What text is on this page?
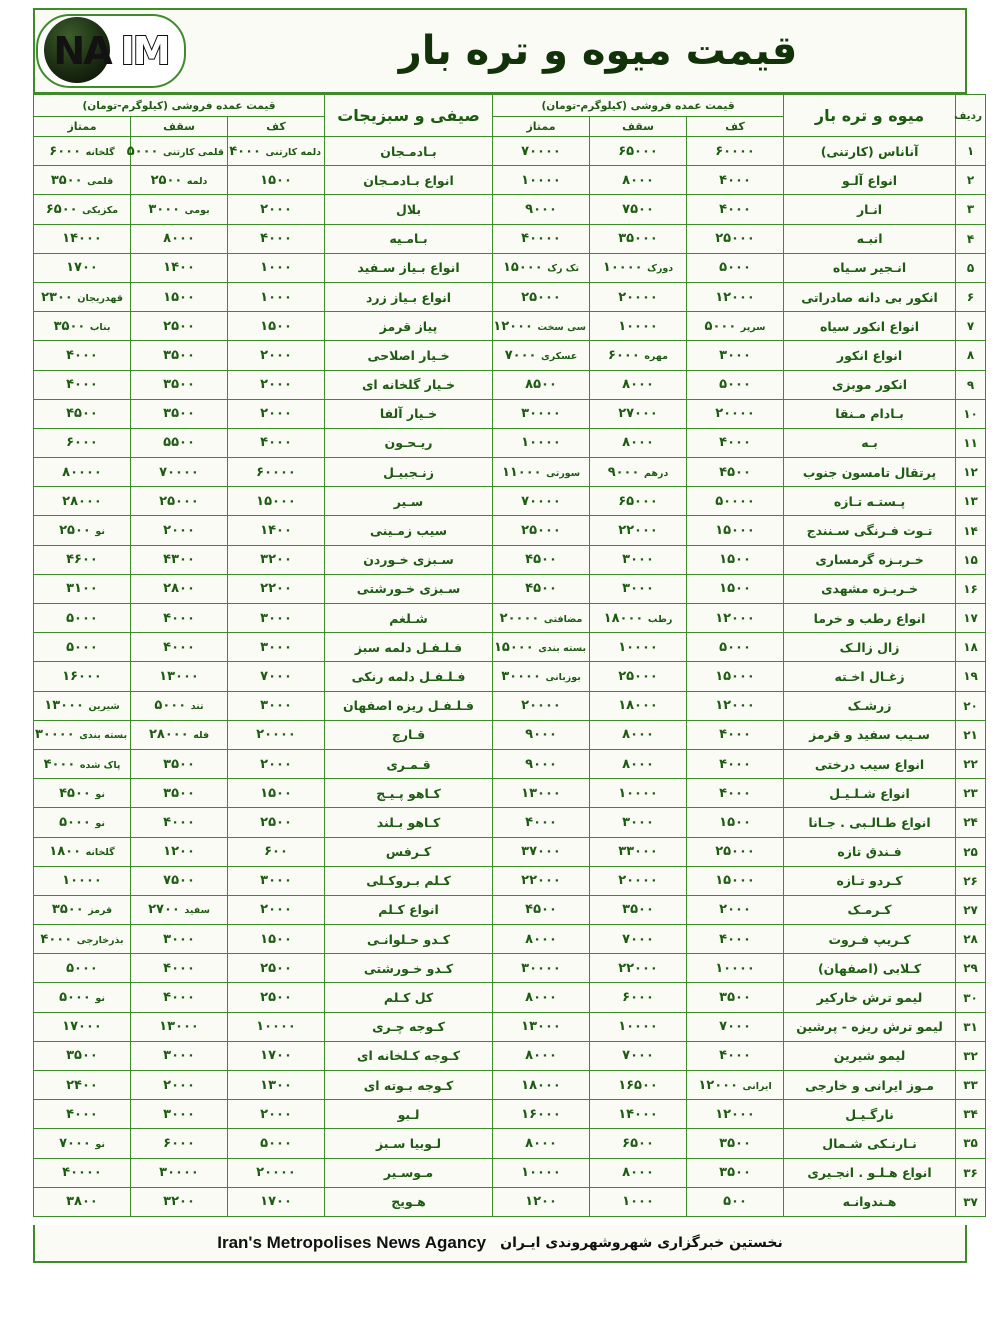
IM
NA	قیمت میوه و تره بار
ردیف	میوه و تره بار	قیمت عمده فروشی (کیلوگرم-تومان)			صیفی و سبزیجات	قیمت عمده فروشی (کیلوگرم-تومان)		
		کف	سقف	ممتاز		کف	سقف	ممتاز
۱	آناناس (کارتنی)	۶۰۰۰۰	۶۵۰۰۰	۷۰۰۰۰	بـادمـجان	دلمه کارتنی ۴۰۰۰	قلمی کارتنی ۵۰۰۰	گلخانه ۶۰۰۰
۲	انواع آلـو	۴۰۰۰	۸۰۰۰	۱۰۰۰۰	انواع بـادمـجان	۱۵۰۰	دلمه ۲۵۰۰	قلمی ۳۵۰۰
۳	انـار	۴۰۰۰	۷۵۰۰	۹۰۰۰	بلال	۲۰۰۰	بومی ۳۰۰۰	مکزیکی ۶۵۰۰
۴	انبـه	۲۵۰۰۰	۳۵۰۰۰	۴۰۰۰۰	بـامـیه	۴۰۰۰	۸۰۰۰	۱۴۰۰۰
۵	انـجیر سـیاه	۵۰۰۰	دورک ۱۰۰۰۰	تک رک ۱۵۰۰۰	انواع بـیاز سـفید	۱۰۰۰	۱۴۰۰	۱۷۰۰
۶	انکور بی دانه صادراتی	۱۲۰۰۰	۲۰۰۰۰	۲۵۰۰۰	انواع بـیاز زرد	۱۰۰۰	۱۵۰۰	قهدریجان ۲۳۰۰
۷	انواع انکور سیاه	سرپر ۵۰۰۰	۱۰۰۰۰	سی سخت ۱۲۰۰۰	پیاز قرمز	۱۵۰۰	۲۵۰۰	بناب ۳۵۰۰
۸	انواع انکور	۳۰۰۰	مهره ۶۰۰۰	عسکری ۷۰۰۰	خـیار اصلاحی	۲۰۰۰	۳۵۰۰	۴۰۰۰
۹	انکور موبزی	۵۰۰۰	۸۰۰۰	۸۵۰۰	خـیار گلخانه ای	۲۰۰۰	۳۵۰۰	۴۰۰۰
۱۰	بـادام مـنقا	۲۰۰۰۰	۲۷۰۰۰	۳۰۰۰۰	خـیار آلفا	۲۰۰۰	۳۵۰۰	۴۵۰۰
۱۱	بـه	۴۰۰۰	۸۰۰۰	۱۰۰۰۰	ریـحـون	۴۰۰۰	۵۵۰۰	۶۰۰۰
۱۲	پرتقال تامسون جنوب	۴۵۰۰	درهم ۹۰۰۰	سورتی ۱۱۰۰۰	زنـجبیـل	۶۰۰۰۰	۷۰۰۰۰	۸۰۰۰۰
۱۳	پـستـه تـازه	۵۰۰۰۰	۶۵۰۰۰	۷۰۰۰۰	سـیر	۱۵۰۰۰	۲۵۰۰۰	۲۸۰۰۰
۱۴	تـوت فـرنگی سـنندج	۱۵۰۰۰	۲۲۰۰۰	۲۵۰۰۰	سیب زمـینی	۱۴۰۰	۲۰۰۰	نو ۲۵۰۰
۱۵	خـربـزه گرمساری	۱۵۰۰	۳۰۰۰	۴۵۰۰	سـبزی خـوردن	۳۲۰۰	۴۳۰۰	۴۶۰۰
۱۶	خـربـزه مشهدی	۱۵۰۰	۳۰۰۰	۴۵۰۰	سـبزی خـورشتی	۲۲۰۰	۲۸۰۰	۳۱۰۰
۱۷	انواع رطب و خرما	۱۲۰۰۰	رطب ۱۸۰۰۰	مضافتی ۲۰۰۰۰	شـلغم	۳۰۰۰	۴۰۰۰	۵۰۰۰
۱۸	زال زالـک	۵۰۰۰	۱۰۰۰۰	بسته بندی ۱۵۰۰۰	فـلـفـل دلمه سبز	۳۰۰۰	۴۰۰۰	۵۰۰۰
۱۹	زغـال اخـته	۱۵۰۰۰	۲۵۰۰۰	بوزبانی ۳۰۰۰۰	فـلـفـل دلمه رنکی	۷۰۰۰	۱۳۰۰۰	۱۶۰۰۰
۲۰	زرشـک	۱۲۰۰۰	۱۸۰۰۰	۲۰۰۰۰	فـلـفـل ریزه اصفهان	۳۰۰۰	تند ۵۰۰۰	شیرین ۱۳۰۰۰
۲۱	سـیب سفید و قرمز	۴۰۰۰	۸۰۰۰	۹۰۰۰	قـارچ	۲۰۰۰۰	فله ۲۸۰۰۰	بسته بندی ۳۰۰۰۰
۲۲	انواع سیب درختی	۴۰۰۰	۸۰۰۰	۹۰۰۰	قـمـری	۲۰۰۰	۳۵۰۰	پاک شده ۴۰۰۰
۲۳	انواع شـلـیـل	۴۰۰۰	۱۰۰۰۰	۱۳۰۰۰	کـاهو پـیـج	۱۵۰۰	۳۵۰۰	نو ۴۵۰۰
۲۴	انواع طـالـبی . جـانا	۱۵۰۰	۳۰۰۰	۴۰۰۰	کـاهو بـلند	۲۵۰۰	۴۰۰۰	نو ۵۰۰۰
۲۵	فـندق تازه	۲۵۰۰۰	۳۳۰۰۰	۳۷۰۰۰	کـرفس	۶۰۰	۱۲۰۰	گلخانه ۱۸۰۰
۲۶	کـردو تـازه	۱۵۰۰۰	۲۰۰۰۰	۲۲۰۰۰	کـلم بـروکـلی	۳۰۰۰	۷۵۰۰	۱۰۰۰۰
۲۷	کـرمـک	۲۰۰۰	۳۵۰۰	۴۵۰۰	انواع کـلم	۲۰۰۰	سفید ۲۷۰۰	قرمز ۳۵۰۰
۲۸	کـریپ فـروت	۴۰۰۰	۷۰۰۰	۸۰۰۰	کـدو حـلوانـی	۱۵۰۰	۳۰۰۰	بذرخارجی ۴۰۰۰
۲۹	کـلابی (اصفهان)	۱۰۰۰۰	۲۲۰۰۰	۳۰۰۰۰	کـدو خـورشتی	۲۵۰۰	۴۰۰۰	۵۰۰۰
۳۰	لیمو ترش خارکیر	۳۵۰۰	۶۰۰۰	۸۰۰۰	کل کـلم	۲۵۰۰	۴۰۰۰	نو ۵۰۰۰
۳۱	لیمو ترش ریزه - پرشین	۷۰۰۰	۱۰۰۰۰	۱۳۰۰۰	کـوجه چـری	۱۰۰۰۰	۱۳۰۰۰	۱۷۰۰۰
۳۲	لیمو شیرین	۴۰۰۰	۷۰۰۰	۸۰۰۰	کـوجه کـلخانه ای	۱۷۰۰	۳۰۰۰	۳۵۰۰
۳۳	مـوز ایرانی و خارجی	ایرانی ۱۲۰۰۰	۱۶۵۰۰	۱۸۰۰۰	کـوجه بـوته ای	۱۳۰۰	۲۰۰۰	۲۴۰۰
۳۴	نارگـیـل	۱۲۰۰۰	۱۴۰۰۰	۱۶۰۰۰	لـبو	۲۰۰۰	۳۰۰۰	۴۰۰۰
۳۵	نـارنـکی شـمال	۳۵۰۰	۶۵۰۰	۸۰۰۰	لـوبیا سـبز	۵۰۰۰	۶۰۰۰	نو ۷۰۰۰
۳۶	انواع هـلـو . انجـیری	۳۵۰۰	۸۰۰۰	۱۰۰۰۰	مـوسـیر	۲۰۰۰۰	۳۰۰۰۰	۴۰۰۰۰
۳۷	هـندوانـه	۵۰۰	۱۰۰۰	۱۲۰۰	هـویج	۱۷۰۰	۳۲۰۰	۳۸۰۰
نخستین خبرگزاری شهروشهروندی ایـران
Iran's Metropolises News Agancy
